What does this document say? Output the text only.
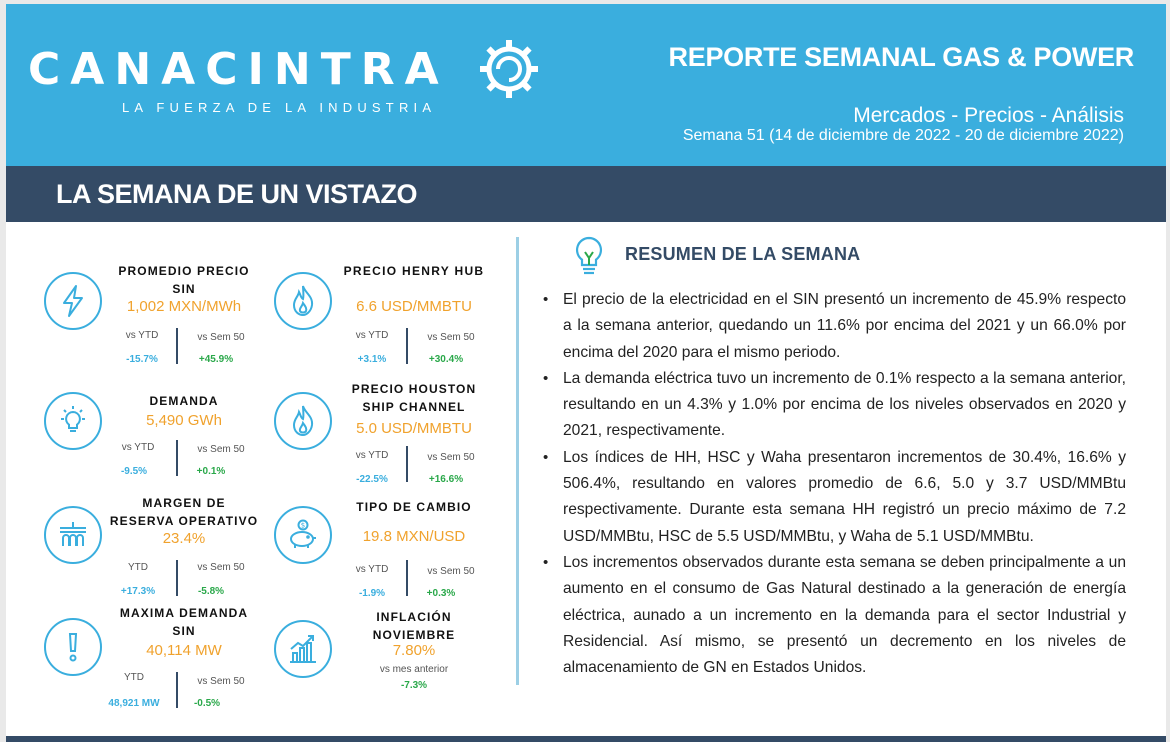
CANACINTRA
LA FUERZA DE LA INDUSTRIA
REPORTE SEMANAL GAS & POWER
Mercados - Precios - Análisis
Semana 51 (14 de diciembre de 2022 - 20 de diciembre 2022)
LA SEMANA DE UN VISTAZO
PROMEDIO PRECIO
SIN
1,002 MXN/MWh
vs YTD
-15.7%
vs Sem 50
+45.9%
DEMANDA
5,490 GWh
vs YTD
-9.5%
vs Sem 50
+0.1%
MARGEN DE
RESERVA OPERATIVO
23.4%
YTD
+17.3%
vs Sem 50
-5.8%
MAXIMA DEMANDA
SIN
40,114 MW
YTD
48,921 MW
vs Sem 50
-0.5%
PRECIO HENRY HUB
6.6 USD/MMBTU
vs YTD
+3.1%
vs Sem 50
+30.4%
PRECIO HOUSTON
SHIP CHANNEL
5.0 USD/MMBTU
vs YTD
-22.5%
vs Sem 50
+16.6%
$
TIPO DE CAMBIO
19.8 MXN/USD
vs YTD
-1.9%
vs Sem 50
+0.3%
INFLACIÓN NOVIEMBRE
7.80%
vs mes anterior
-7.3%
RESUMEN DE LA SEMANA
• El precio de la electricidad en el SIN presentó un incremento de 45.9% respecto a la semana anterior, quedando un 11.6% por encima del 2021 y un 66.0% por encima del 2020 para el mismo periodo.
• La demanda eléctrica tuvo un incremento de 0.1% respecto a la semana anterior, resultando en un 4.3% y 1.0% por encima de los niveles observados en 2020 y 2021, respectivamente.
• Los índices de HH, HSC y Waha presentaron incrementos de 30.4%, 16.6% y 506.4%, resultando en valores promedio de 6.6, 5.0 y 3.7 USD/MMBtu respectivamente. Durante esta semana HH registró un precio máximo de 7.2 USD/MMBtu, HSC de 5.5 USD/MMBtu, y Waha de 5.1 USD/MMBtu.
• Los incrementos observados durante esta semana se deben principalmente a un aumento en el consumo de Gas Natural destinado a la generación de energía eléctrica, aunado a un incremento en la demanda para el sector Industrial y Residencial. Así mismo, se presentó un decremento en los niveles de almacenamiento de GN en Estados Unidos.
